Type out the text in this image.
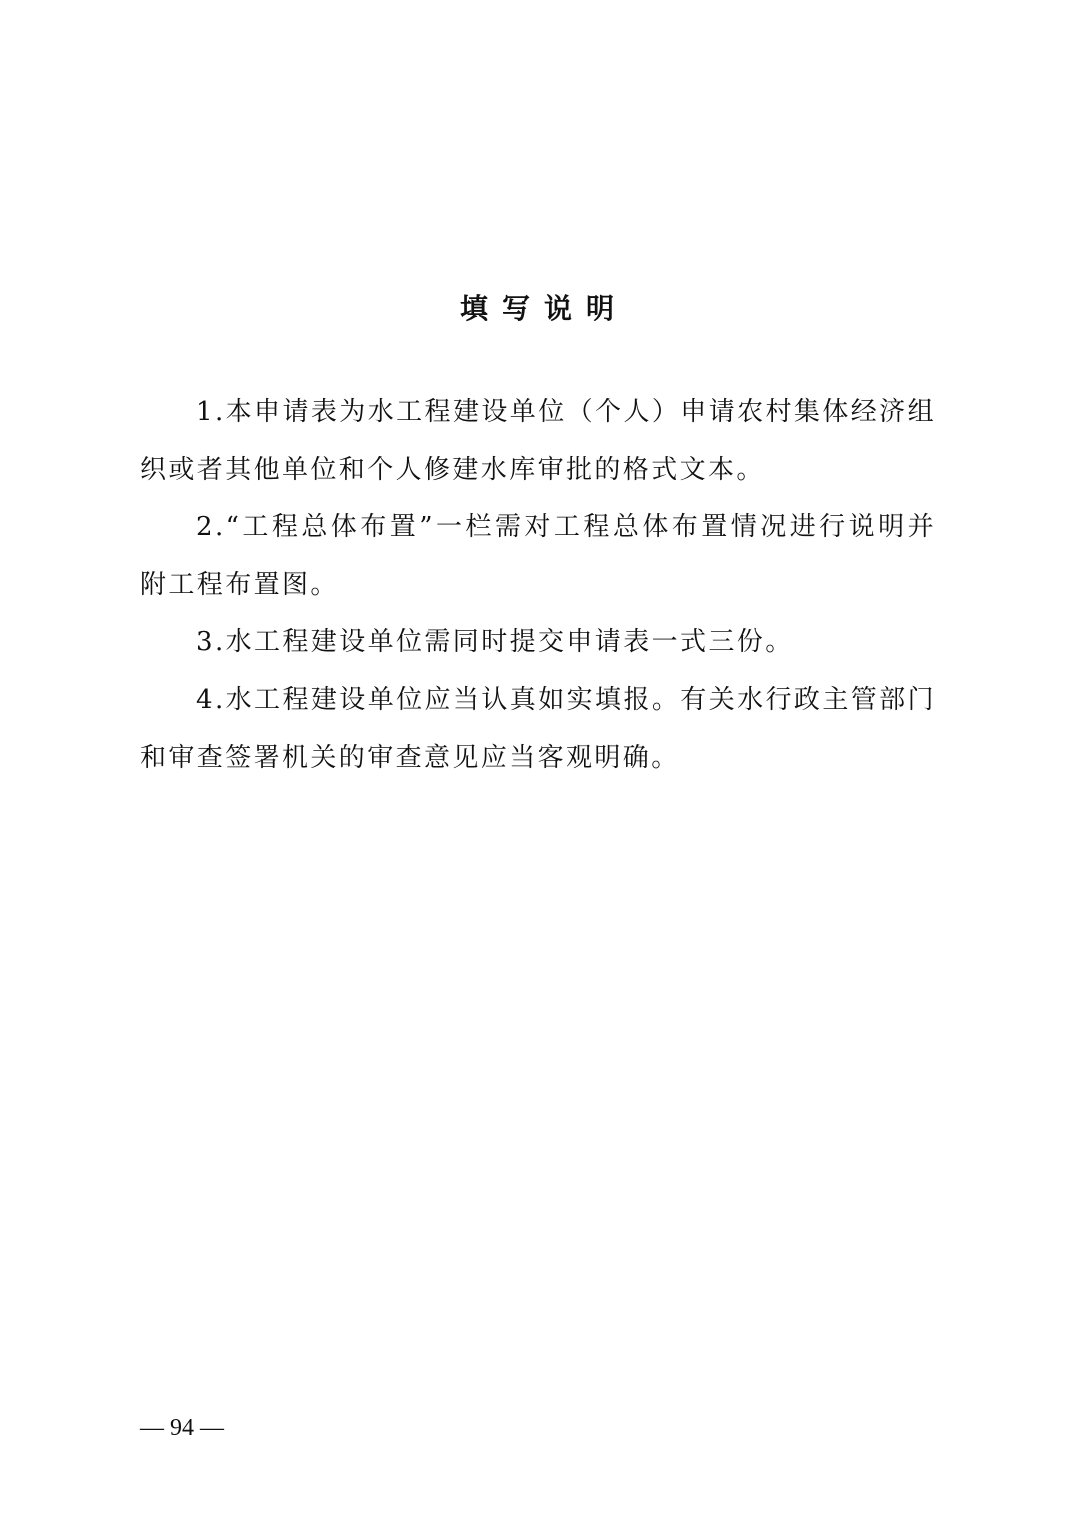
填写说明

1.本申请表为水工程建设单位（个人）申请农村集体经济组织或者其他单位和个人修建水库审批的格式文本。

2.“工程总体布置”一栏需对工程总体布置情况进行说明并附工程布置图。

3.水工程建设单位需同时提交申请表一式三份。

4.水工程建设单位应当认真如实填报。有关水行政主管部门和审查签署机关的审查意见应当客观明确。

— 94 —
